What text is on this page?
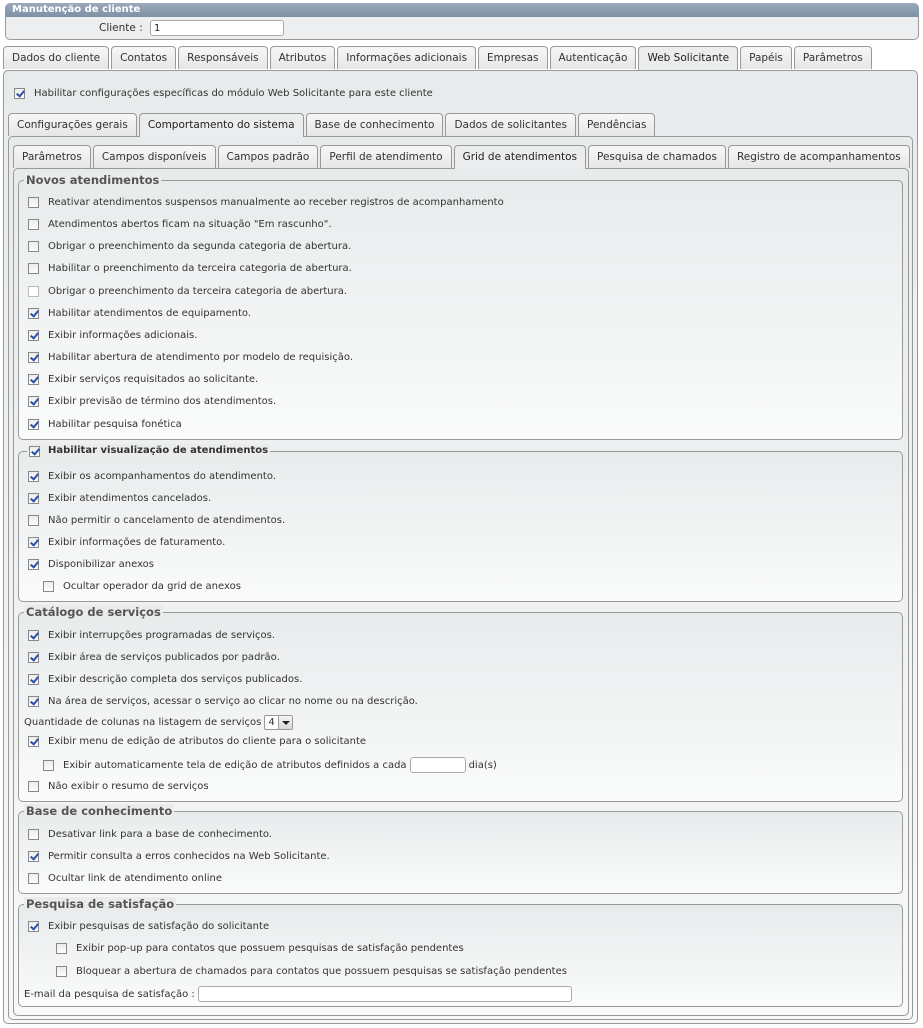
Manutenção de cliente
Cliente :
1
Dados do cliente	Contatos	Responsáveis	Atributos	Informações adicionais	Empresas	Autenticação	Web Solicitante	Papéis	Parâmetros
Habilitar configurações específicas do módulo Web Solicitante para este cliente
Configurações gerais	Comportamento do sistema	Base de conhecimento	Dados de solicitantes	Pendências
Parâmetros	Campos disponíveis	Campos padrão	Perfil de atendimento	Grid de atendimentos	Pesquisa de chamados	Registro de acompanhamentos
Novos atendimentos
Reativar atendimentos suspensos manualmente ao receber registros de acompanhamento
Atendimentos abertos ficam na situação "Em rascunho".
Obrigar o preenchimento da segunda categoria de abertura.
Habilitar o preenchimento da terceira categoria de abertura.
Obrigar o preenchimento da terceira categoria de abertura.
Habilitar atendimentos de equipamento.
Exibir informações adicionais.
Habilitar abertura de atendimento por modelo de requisição.
Exibir serviços requisitados ao solicitante.
Exibir previsão de término dos atendimentos.
Habilitar pesquisa fonética
Habilitar visualização de atendimentos
Exibir os acompanhamentos do atendimento.
Exibir atendimentos cancelados.
Não permitir o cancelamento de atendimentos.
Exibir informações de faturamento.
Disponibilizar anexos
Ocultar operador da grid de anexos
Catálogo de serviços
Exibir interrupções programadas de serviços.
Exibir área de serviços publicados por padrão.
Exibir descrição completa dos serviços publicados.
Na área de serviços, acessar o serviço ao clicar no nome ou na descrição.
Quantidade de colunas na listagem de serviços 4
Exibir menu de edição de atributos do cliente para o solicitante
Exibir automaticamente tela de edição de atributos definidos a cada	dia(s)
Não exibir o resumo de serviços
Base de conhecimento
Desativar link para a base de conhecimento.
Permitir consulta a erros conhecidos na Web Solicitante.
Ocultar link de atendimento online
Pesquisa de satisfação
Exibir pesquisas de satisfação do solicitante
Exibir pop-up para contatos que possuem pesquisas de satisfação pendentes
Bloquear a abertura de chamados para contatos que possuem pesquisas se satisfação pendentes
E-mail da pesquisa de satisfação :
